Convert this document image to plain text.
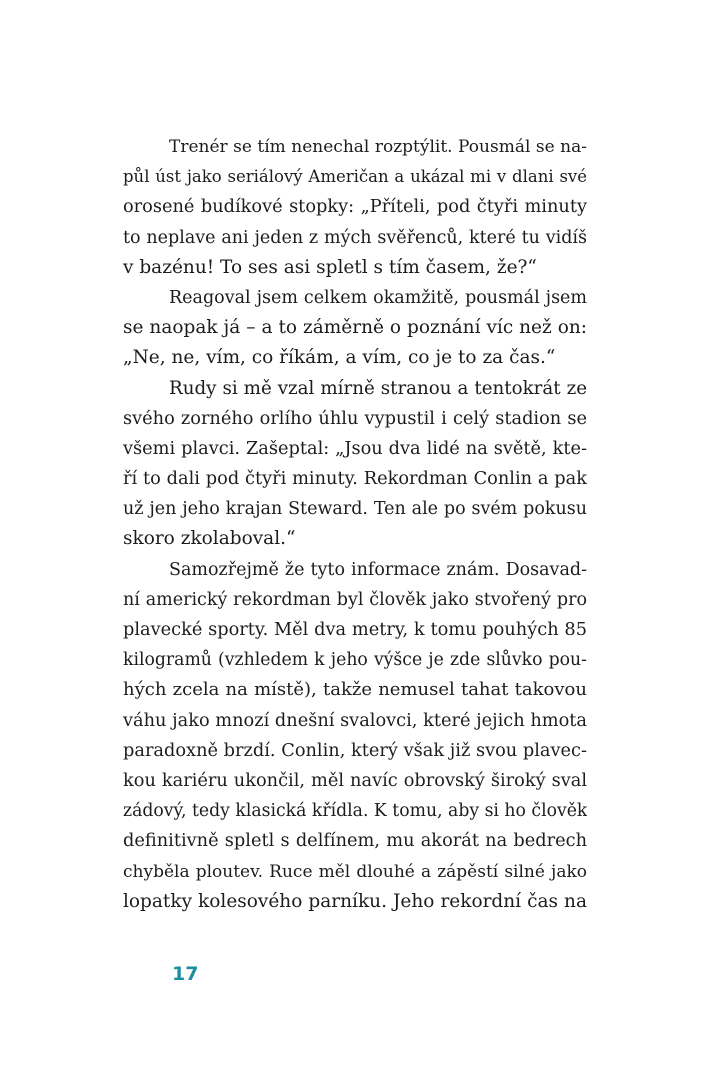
Trenér se tím nenechal rozptýlit. Pousmál se na-
půl úst jako seriálový Američan a ukázal mi v dlani své
orosené budíkové stopky: „Příteli, pod čtyři minuty
to neplave ani jeden z mých svěřenců, které tu vidíš
v bazénu! To ses asi spletl s tím časem, že?“
Reagoval jsem celkem okamžitě, pousmál jsem
se naopak já – a to záměrně o poznání víc než on:
„Ne, ne, vím, co říkám, a vím, co je to za čas.“
Rudy si mě vzal mírně stranou a tentokrát ze
svého zorného orlího úhlu vypustil i celý stadion se
všemi plavci. Zašeptal: „Jsou dva lidé na světě, kte-
ří to dali pod čtyři minuty. Rekordman Conlin a pak
už jen jeho krajan Steward. Ten ale po svém pokusu
skoro zkolaboval.“
Samozřejmě že tyto informace znám. Dosavad-
ní americký rekordman byl člověk jako stvořený pro
plavecké sporty. Měl dva metry, k tomu pouhých 85
kilogramů (vzhledem k jeho výšce je zde slůvko pou-
hých zcela na místě), takže nemusel tahat takovou
váhu jako mnozí dnešní svalovci, které jejich hmota
paradoxně brzdí. Conlin, který však již svou plavec-
kou kariéru ukončil, měl navíc obrovský široký sval
zádový, tedy klasická křídla. K tomu, aby si ho člověk
definitivně spletl s delfínem, mu akorát na bedrech
chyběla ploutev. Ruce měl dlouhé a zápěstí silné jako
lopatky kolesového parníku. Jeho rekordní čas na
17
